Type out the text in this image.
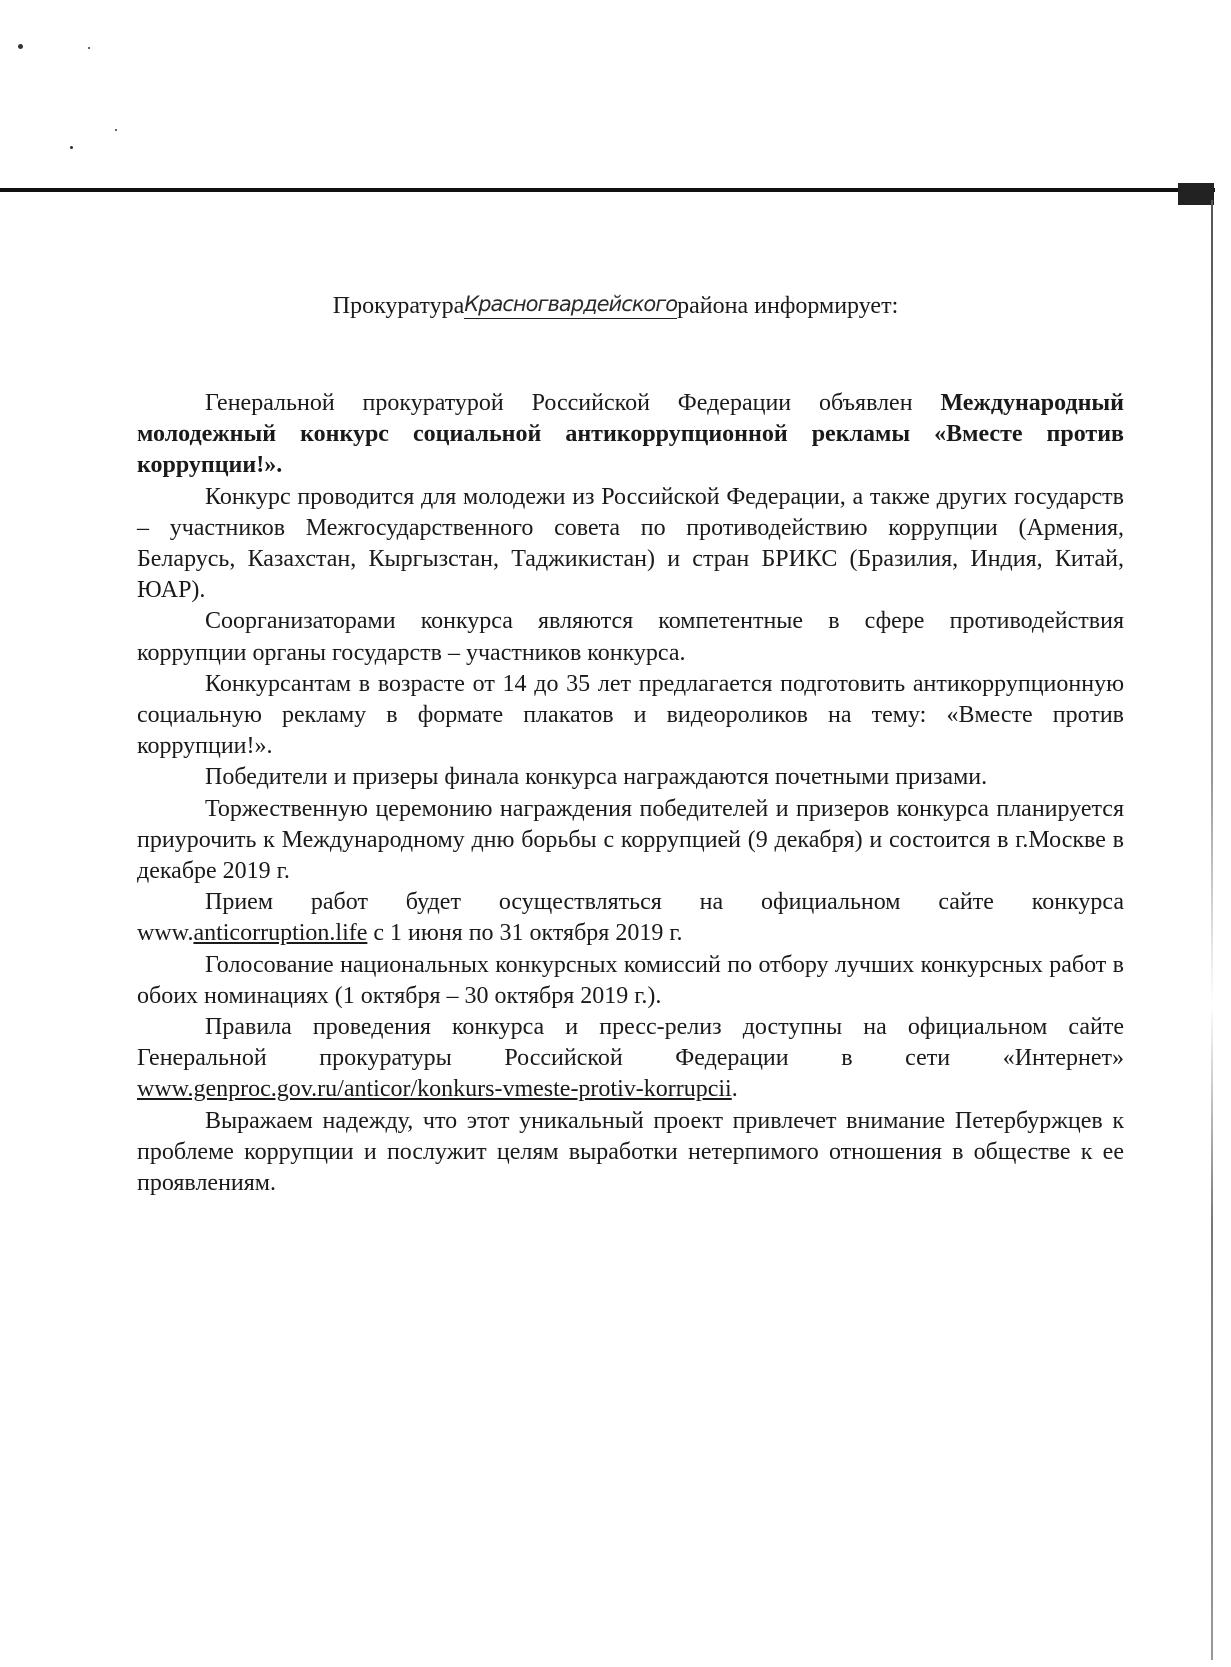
ПрокуратураКрасногвардейскогорайона информирует:

Генеральной прокуратурой Российской Федерации объявлен Международный молодежный конкурс социальной антикоррупционной рекламы «Вместе против коррупции!».

Конкурс проводится для молодежи из Российской Федерации, а также других государств – участников Межгосударственного совета по противодействию коррупции (Армения, Беларусь, Казахстан, Кыргызстан, Таджикистан) и стран БРИКС (Бразилия, Индия, Китай, ЮАР).

Соорганизаторами конкурса являются компетентные в сфере противодействия коррупции органы государств – участников конкурса.

Конкурсантам в возрасте от 14 до 35 лет предлагается подготовить антикоррупционную социальную рекламу в формате плакатов и видеороликов на тему: «Вместе против коррупции!».

Победители и призеры финала конкурса награждаются почетными призами.

Торжественную церемонию награждения победителей и призеров конкурса планируется приурочить к Международному дню борьбы с коррупцией (9 декабря) и состоится в г.Москве в декабре 2019 г.

Прием работ будет осуществляться на официальном сайте конкурса www.anticorruption.life с 1 июня по 31 октября 2019 г.

Голосование национальных конкурсных комиссий по отбору лучших конкурсных работ в обоих номинациях (1 октября – 30 октября 2019 г.).

Правила проведения конкурса и пресс-релиз доступны на официальном сайте Генеральной прокуратуры Российской Федерации в сети «Интернет» www.genproc.gov.ru/anticor/konkurs-vmeste-protiv-korrupcii.

Выражаем надежду, что этот уникальный проект привлечет внимание Петербуржцев к проблеме коррупции и послужит целям выработки нетерпимого отношения в обществе к ее проявлениям.
